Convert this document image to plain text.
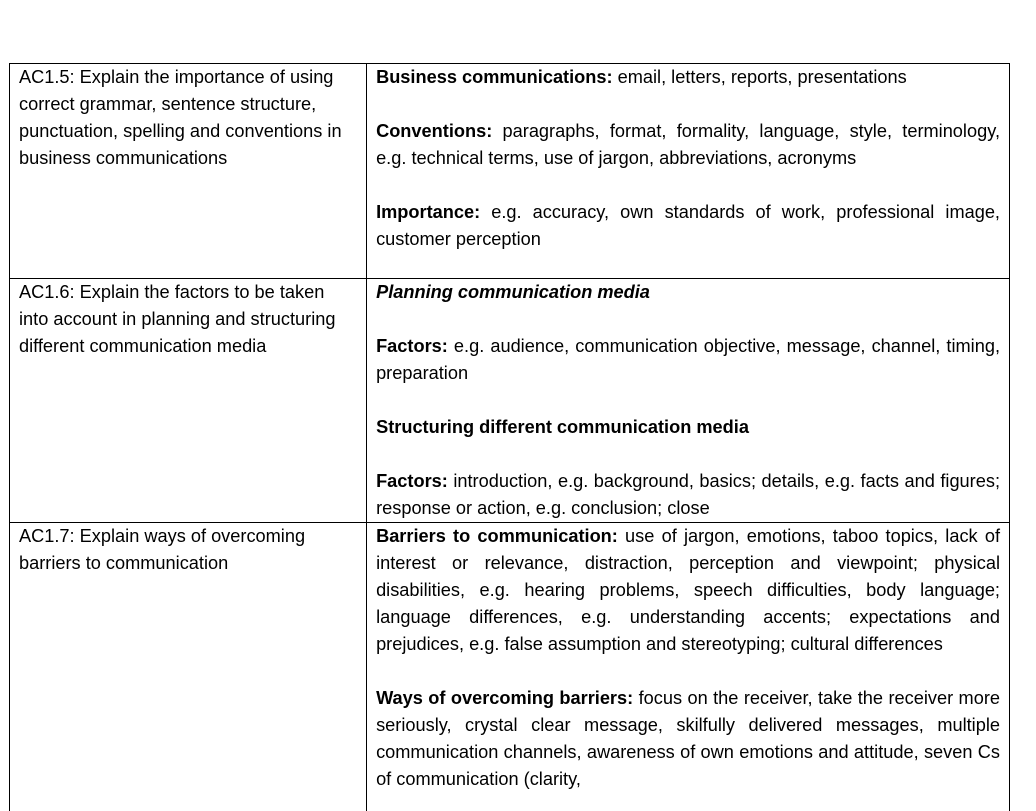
AC1.5: Explain the importance of using correct grammar, sentence structure, punctuation, spelling and conventions in business communications	Business communications: email, letters, reports, presentations

Conventions: paragraphs, format, formality, language, style, terminology, e.g. technical terms, use of jargon, abbreviations, acronyms

Importance: e.g. accuracy, own standards of work, professional image, customer perception

AC1.6: Explain the factors to be taken into account in planning and structuring different communication media	Planning communication media

Factors: e.g. audience, communication objective, message, channel, timing, preparation

Structuring different communication media

Factors: introduction, e.g. background, basics; details, e.g. facts and figures; response or action, e.g. conclusion; close

AC1.7: Explain ways of overcoming barriers to communication	Barriers to communication: use of jargon, emotions, taboo topics, lack of interest or relevance, distraction, perception and viewpoint; physical disabilities, e.g. hearing problems, speech difficulties, body language; language differences, e.g. understanding accents; expectations and prejudices, e.g. false assumption and stereotyping; cultural differences

Ways of overcoming barriers: focus on the receiver, take the receiver more seriously, crystal clear message, skilfully delivered messages, multiple communication channels, awareness of own emotions and attitude, seven Cs of communication (clarity,
